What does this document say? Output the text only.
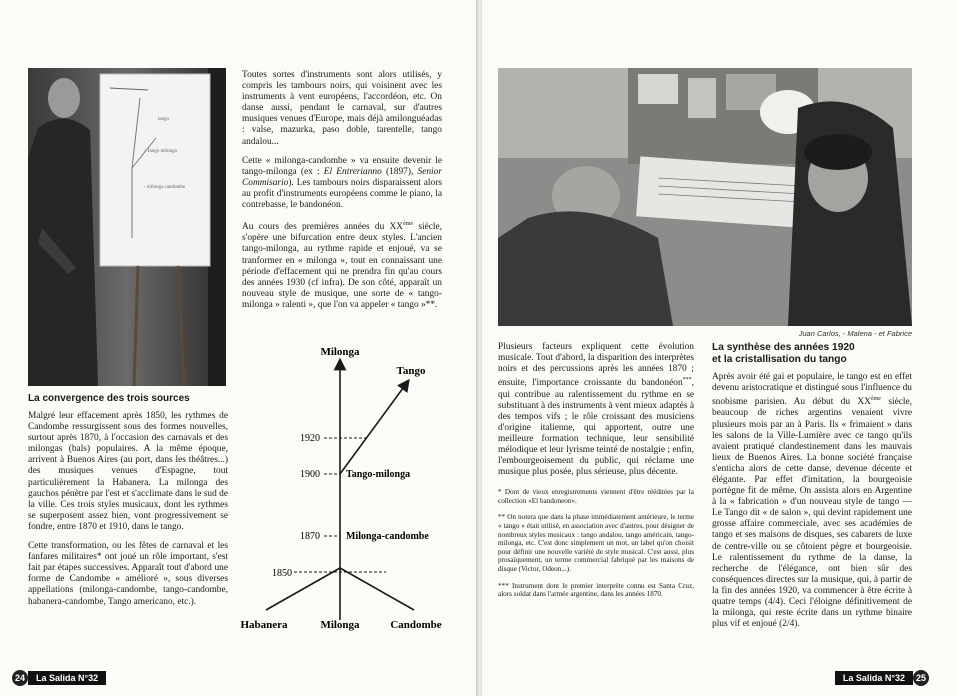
tango
- Tango milonga
- milonga candombe
La convergence des trois sources

Malgré leur effacement après 1850, les rythmes de Candombe ressurgissent sous des formes nouvelles, surtout après 1870, à l'occasion des carnavals et des milongas (bals) populaires. A la même époque, arrivent à Buenos Aires (au port, dans les théâtres...) des musiques venues d'Espagne, tout particulièrement la Habanera. La milonga des gauchos pénètre par l'est et s'acclimate dans le sud de la ville. Ces trois styles musicaux, dont les rythmes se superposent assez bien, vont progressivement se fondre, entre 1870 et 1910, dans le tango.

Cette transformation, ou les fêtes de carnaval et les fanfares militaires* ont joué un rôle important, s'est fait par étapes successives. Apparaît tout d'abord une forme de Candombe « amélioré », sous diverses appellations (milonga-candombe, tango-candombe, habanera-candombe, Tango americano, etc.).

Toutes sortes d'instruments sont alors utilisés, y compris les tambours noirs, qui voisinent avec les instruments à vent européens, l'accordéon, etc. On danse aussi, pendant le carnaval, sur d'autres musiques venues d'Europe, mais déjà amilonguéadas : valse, mazurka, paso doble, tarentelle, tango andalou...

Cette « milonga-candombe » va ensuite devenir le tango-milonga (ex : El Entrerianno (1897), Senior Commisario). Les tambours noirs disparaissent alors au profit d'instruments européens comme le piano, la contrebasse, le bandonéon.

Au cours des premières années du XXème siècle, s'opère une bifurcation entre deux styles. L'ancien tango-milonga, au rythme rapide et enjoué, va se tranformer en « milonga », tout en connaissant une période d'effacement qui ne prendra fin qu'au cours des années 1930 (cf infra). De son côté, apparaît un nouveau style de musique, une sorte de « tango-milonga » ralenti », que l'on va appeler « tango »**.

Milonga
Tango
1920
1900
1870
1850
Tango-milonga
Milonga-candombe
Habanera	Milonga	Candombe
24	La Salida N°32
Juan Carlos, - Malena - et Fabrice

Plusieurs facteurs expliquent cette évolution musicale. Tout d'abord, la disparition des interprètes noirs et des percussions après les années 1870 ; ensuite, l'importance croissante du bandonéon***, qui contribue au ralentissement du rythme en se substituant à des instruments à vent mieux adaptés à des tempos vifs ; le rôle croissant des musiciens d'origine italienne, qui apportent, outre une meilleure formation technique, leur sensibilité mélodique et leur lyrisme teinté de nostalgie ; enfin, l'embourgeoisement du public, qui réclame une musique plus posée, plus sérieuse, plus décente.

* Dont de vieux enregistrements viennent d'être rééditées par la collection «El bandoneon».

** On notera que dans la phase immédiatement antérieure, le terme « tango » était utilisé, en association avec d'autres, pour désigner de nombreux styles musicaux : tango andalou, tango américain, tango-milonga, etc. C'est donc simplement un mot, un label qu'on choisit pour définir une nouvelle variété de style musical. C'est aussi, plus prosaïquement, un terme commercial fabriqué par les maisons de disque (Victor, Odeon...).

*** Instrument dont le premier interprète connu est Santa Cruz, alors soldat dans l'armée argentine, dans les années 1870.

La synthèse des années 1920
et la cristallisation du tango

Après avoir été gai et populaire, le tango est en effet devenu aristocratique et distingué sous l'influence du snobisme parisien. Au début du XXème siècle, beaucoup de riches argentins venaient vivre plusieurs mois par an à Paris. Ils « frimaient » dans les salons de la Ville-Lumière avec ce tango qu'ils avaient pratiqué clandestinement dans les mauvais lieux de Buenos Aires. La bonne société française s'enticha alors de cette danse, devenue décente et élégante. Par effet d'imitation, la bourgeoisie portègne fit de même. On assista alors en Argentine à la « fabrication » d'un nouveau style de tango — Le Tango dit « de salon », qui devint rapidement une grosse affaire commerciale, avec ses académies de tango et ses maisons de disques, ses cabarets de luxe de centre-ville ou se côtoient pègre et bourgeoisie. Le ralentissement du rythme de la danse, la recherche de l'élégance, ont bien sûr des conséquences directes sur la musique, qui, à partir de la fin des années 1920, va commencer à être écrite à quatre temps (4/4). Ceci l'éloigne définitivement de la milonga, qui reste écrite dans un rythme binaire plus vif et enjoué (2/4).

La Salida N°32	25
